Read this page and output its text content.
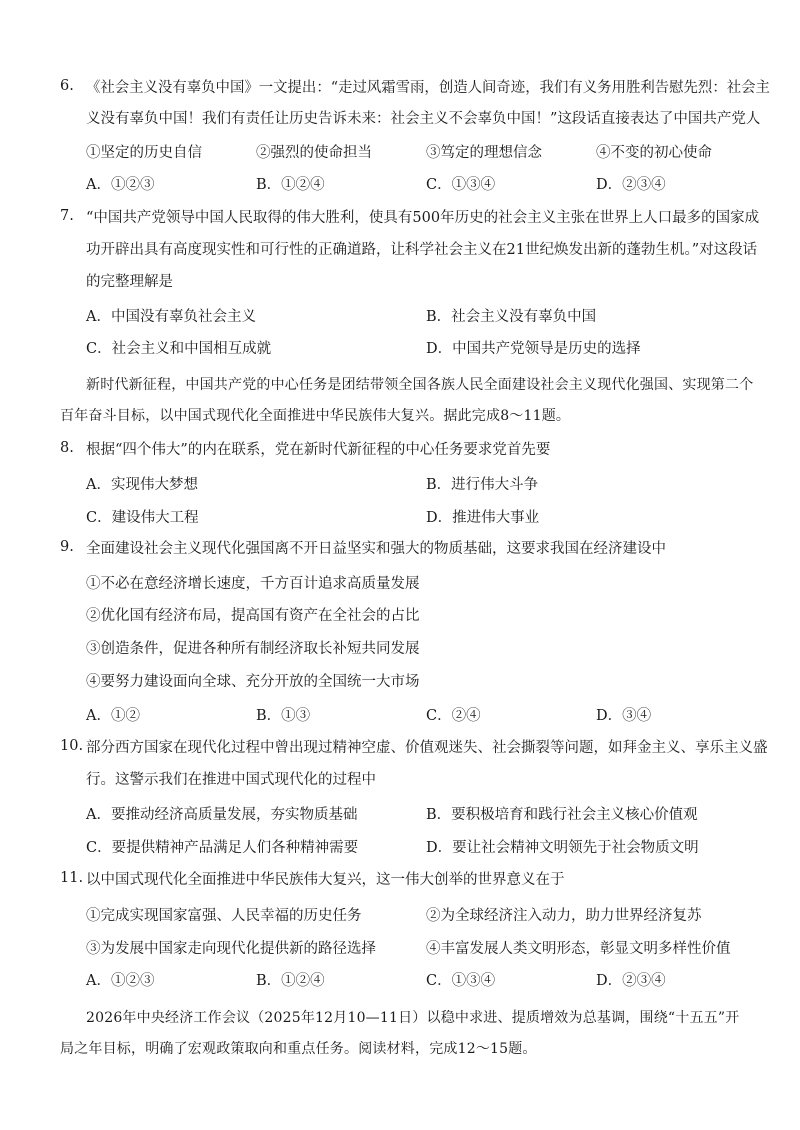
6. 《社会主义没有辜负中国》一文提出：“走过风霜雪雨，创造人间奇迹，我们有义务用胜利告慰先烈：社会主
义没有辜负中国！我们有责任让历史告诉未来：社会主义不会辜负中国！”这段话直接表达了中国共产党人
①坚定的历史自信	②强烈的使命担当	③笃定的理想信念	④不变的初心使命
A．①②③	B．①②④	C．①③④	D．②③④
7. “中国共产党领导中国人民取得的伟大胜利，使具有500年历史的社会主义主张在世界上人口最多的国家成
功开辟出具有高度现实性和可行性的正确道路，让科学社会主义在21世纪焕发出新的蓬勃生机。”对这段话
的完整理解是
A．中国没有辜负社会主义	B．社会主义没有辜负中国
C．社会主义和中国相互成就	D．中国共产党领导是历史的选择
新时代新征程，中国共产党的中心任务是团结带领全国各族人民全面建设社会主义现代化强国、实现第二个
百年奋斗目标，以中国式现代化全面推进中华民族伟大复兴。据此完成8～11题。
8. 根据“四个伟大”的内在联系，党在新时代新征程的中心任务要求党首先要
A．实现伟大梦想	B．进行伟大斗争
C．建设伟大工程	D．推进伟大事业
9. 全面建设社会主义现代化强国离不开日益坚实和强大的物质基础，这要求我国在经济建设中
①不必在意经济增长速度，千方百计追求高质量发展
②优化国有经济布局，提高国有资产在全社会的占比
③创造条件，促进各种所有制经济取长补短共同发展
④要努力建设面向全球、充分开放的全国统一大市场
A．①②	B．①③	C．②④	D．③④
10. 部分西方国家在现代化过程中曾出现过精神空虚、价值观迷失、社会撕裂等问题，如拜金主义、享乐主义盛
行。这警示我们在推进中国式现代化的过程中
A．要推动经济高质量发展，夯实物质基础	B．要积极培育和践行社会主义核心价值观
C．要提供精神产品满足人们各种精神需要	D．要让社会精神文明领先于社会物质文明
11. 以中国式现代化全面推进中华民族伟大复兴，这一伟大创举的世界意义在于
①完成实现国家富强、人民幸福的历史任务	②为全球经济注入动力，助力世界经济复苏
③为发展中国家走向现代化提供新的路径选择	④丰富发展人类文明形态，彰显文明多样性价值
A．①②③	B．①②④	C．①③④	D．②③④
2026年中央经济工作会议（2025年12月10—11日）以稳中求进、提质增效为总基调，围绕“十五五”开
局之年目标，明确了宏观政策取向和重点任务。阅读材料，完成12～15题。
